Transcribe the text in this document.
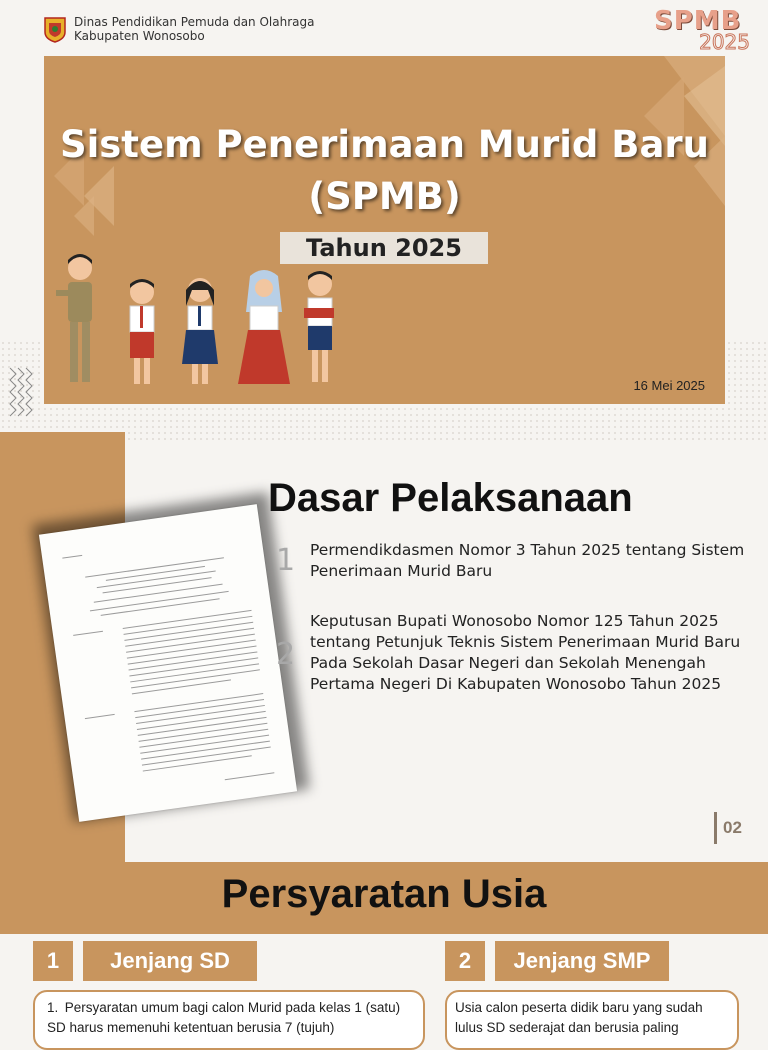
Dinas Pendidikan Pemuda dan Olahraga
Kabupaten Wonosobo	SPMB
2025
Sistem Penerimaan Murid Baru
(SPMB)
Tahun 2025
16 Mei 2025
Dasar Pelaksanaan
1 Permendikdasmen Nomor 3 Tahun 2025 tentang Sistem Penerimaan Murid Baru
2
Keputusan Bupati Wonosobo Nomor 125 Tahun 2025 tentang Petunjuk Teknis Sistem Penerimaan Murid Baru Pada Sekolah Dasar Negeri dan Sekolah Menengah Pertama Negeri Di Kabupaten Wonosobo Tahun 2025
02
Persyaratan Usia
1	Jenjang SD	2	Jenjang SMP
1. Persyaratan umum bagi calon Murid pada kelas 1 (satu) SD harus memenuhi ketentuan berusia 7 (tujuh)
Usia calon peserta didik baru yang sudah lulus SD sederajat dan berusia paling
